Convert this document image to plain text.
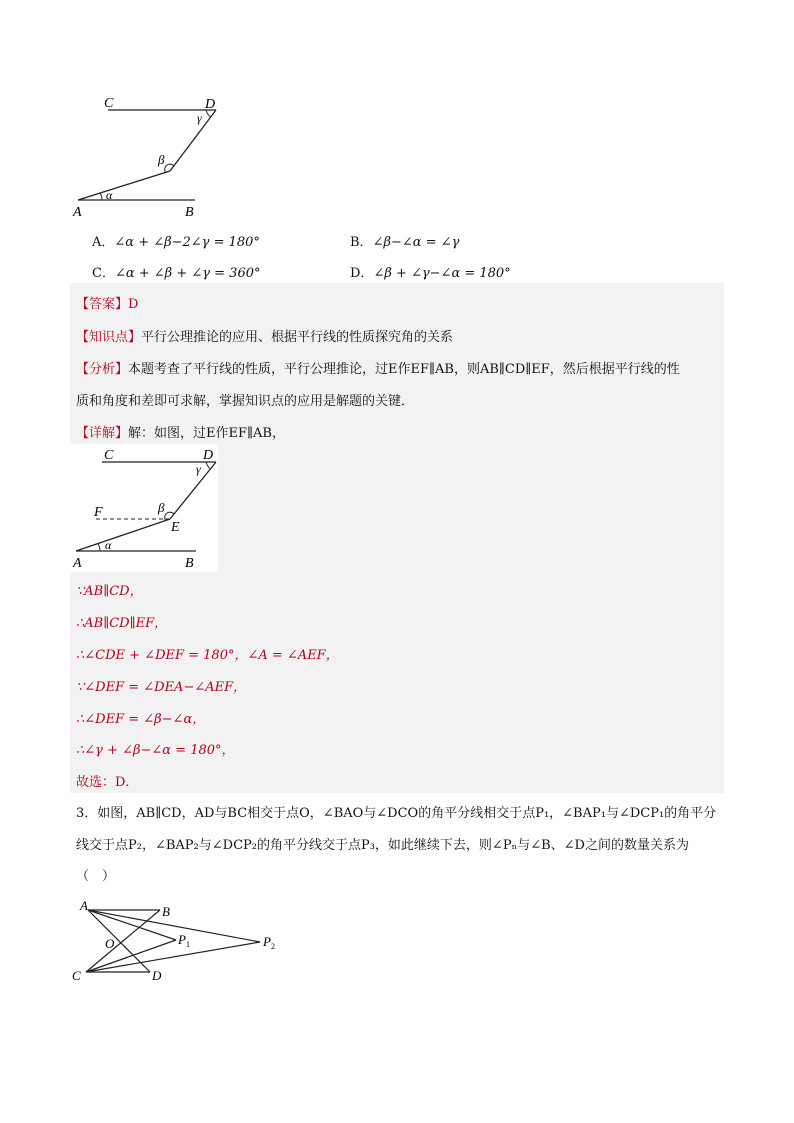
C	D
γ
β
α
A	B
A．∠α + ∠β−2∠γ = 180°	B．∠β−∠α = ∠γ
C．∠α + ∠β + ∠γ = 360°	D．∠β + ∠γ−∠α = 180°
【答案】D
【知识点】平行公理推论的应用、根据平行线的性质探究角的关系
【分析】本题考查了平行线的性质，平行公理推论，过E作EF∥AB，则AB∥CD∥EF，然后根据平行线的性
质和角度和差即可求解，掌握知识点的应用是解题的关键．
【详解】解：如图，过E作EF∥AB，
C	D
γ
F	β
E
α
A	B
∵AB∥CD，
∴AB∥CD∥EF，
∴∠CDE + ∠DEF = 180°，∠A = ∠AEF，
∵∠DEF = ∠DEA−∠AEF，
∴∠DEF = ∠β−∠α，
∴∠γ + ∠β−∠α = 180°，
故选：D．
3．如图，AB∥CD，AD与BC相交于点O，∠BAO与∠DCO的角平分线相交于点P₁，∠BAP₁与∠DCP₁的角平分
线交于点P₂，∠BAP₂与∠DCP₂的角平分线交于点P₃，如此继续下去，则∠Pₙ与∠B、∠D之间的数量关系为
（　）
A	B
O	$P_1$	$P_2$
C	D
